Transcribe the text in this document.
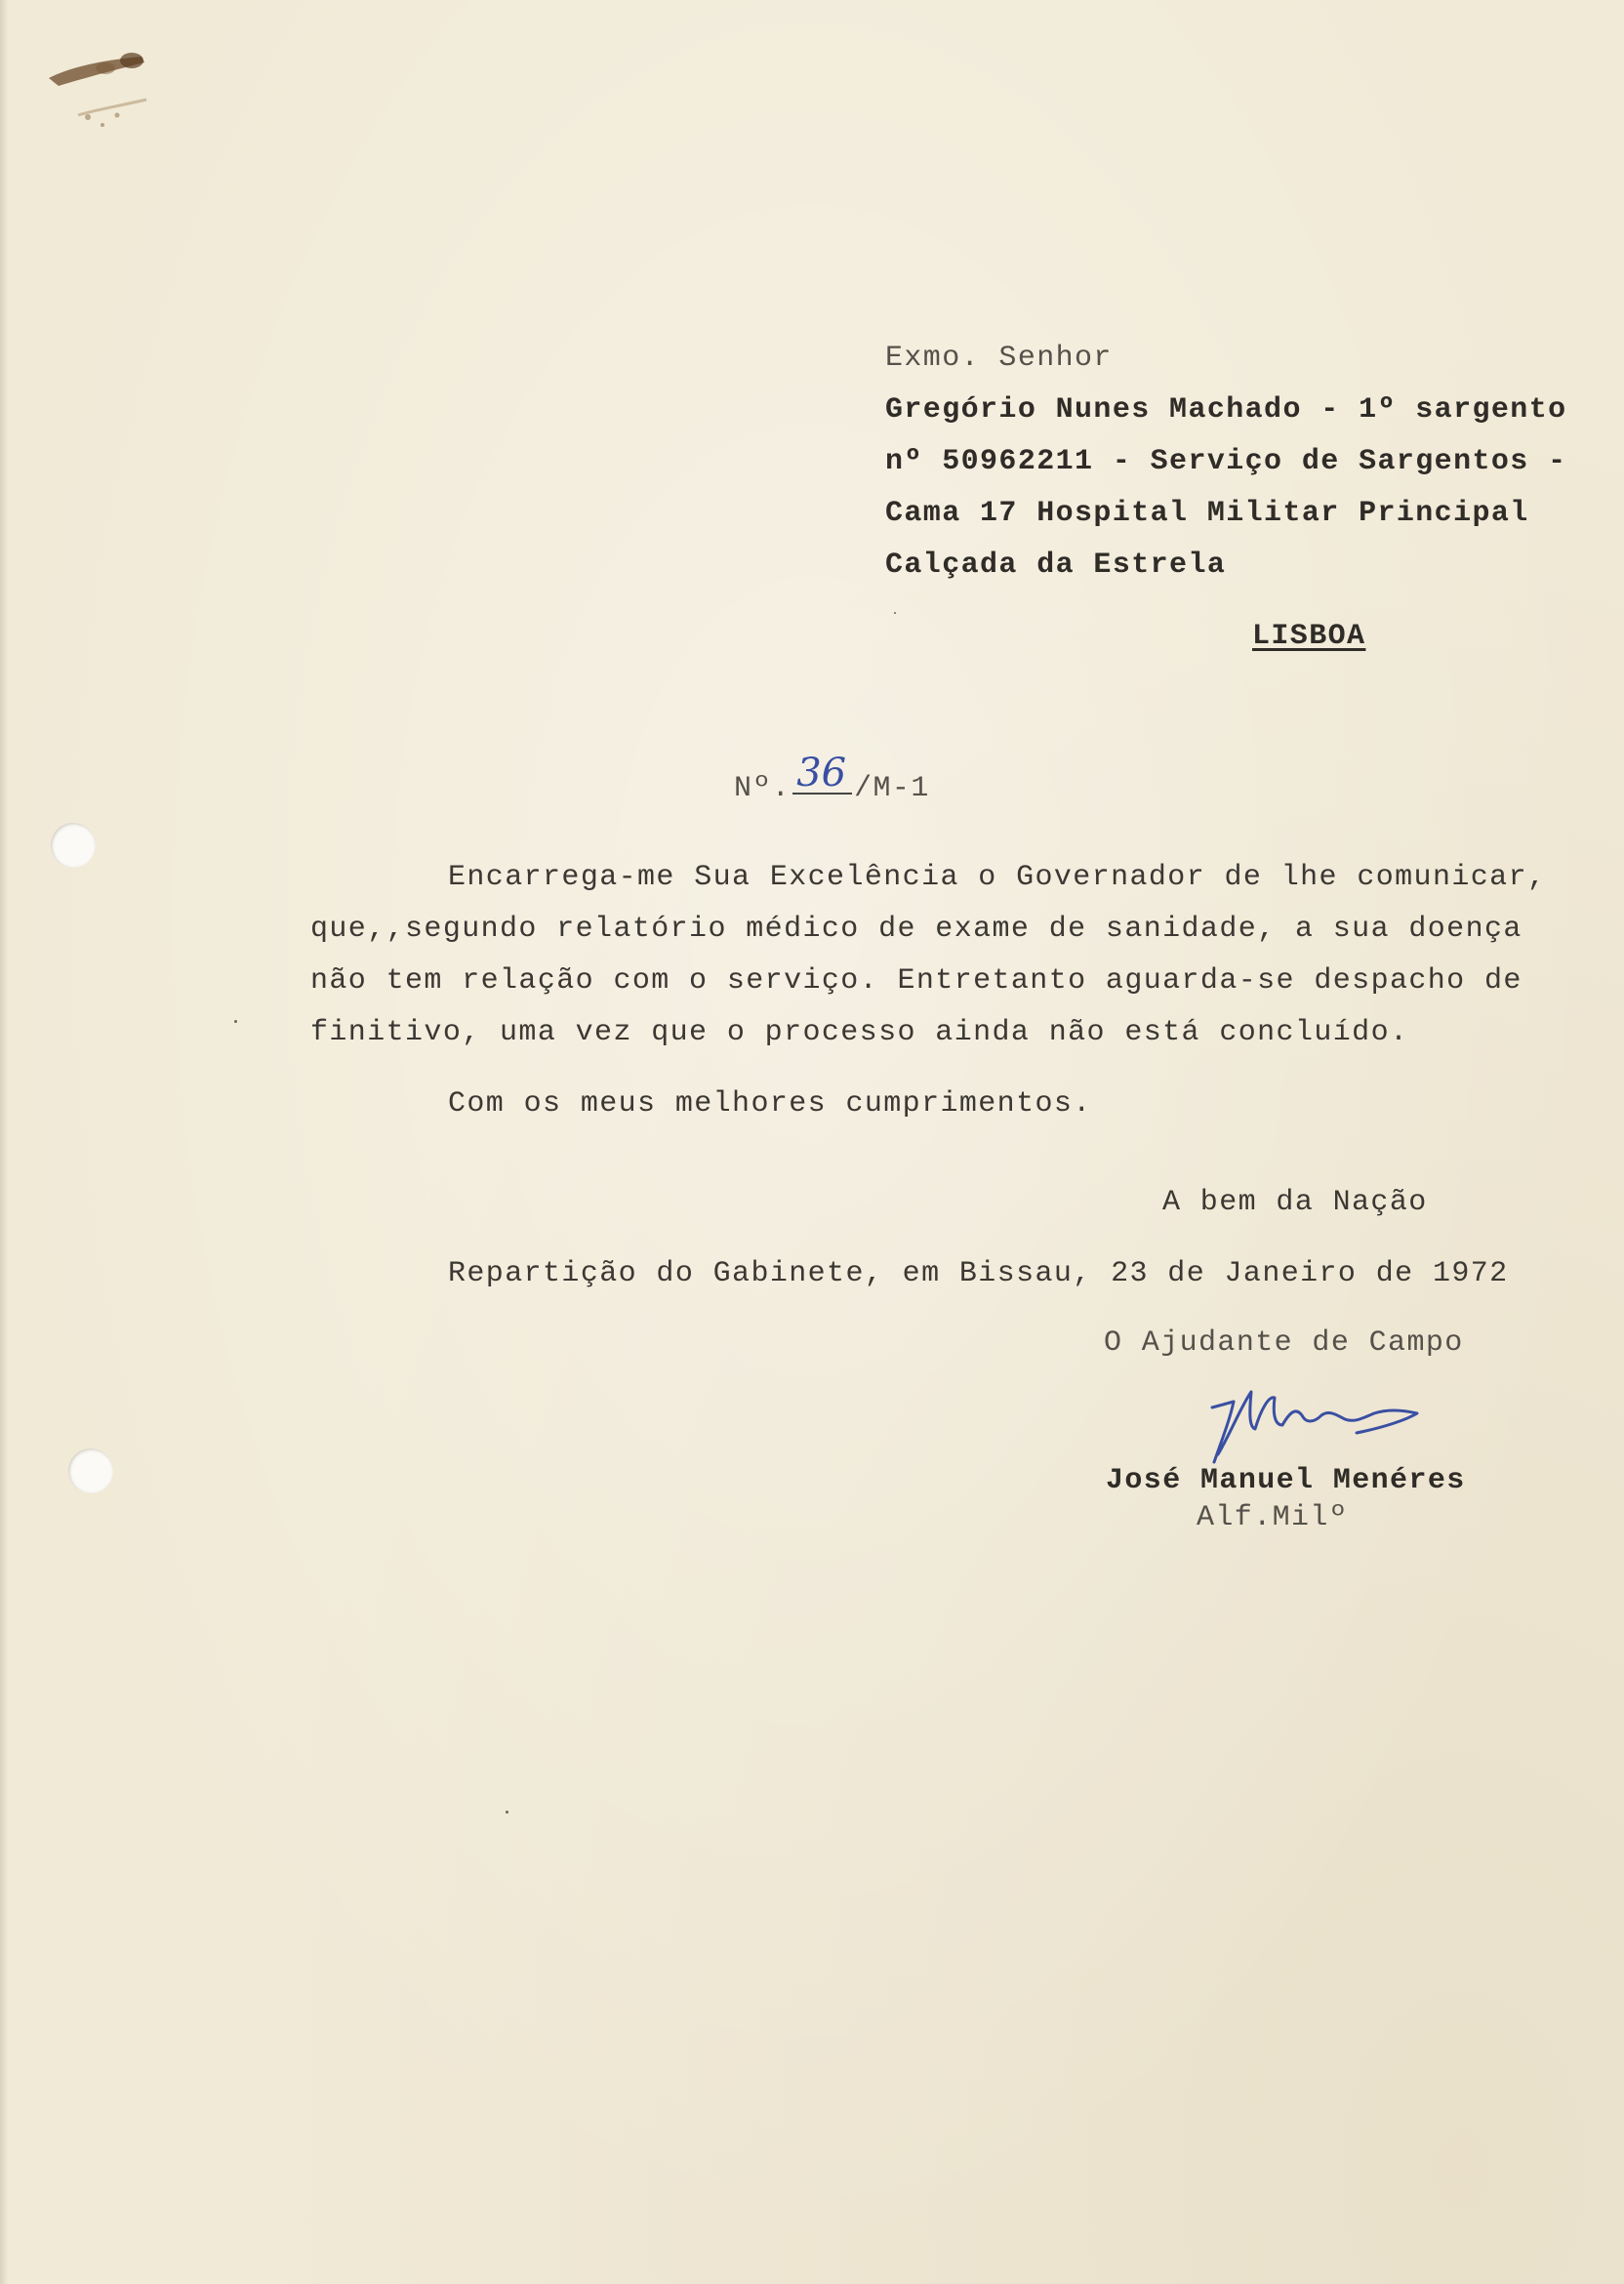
Exmo. Senhor
Gregório Nunes Machado - 1º sargento
nº 50962211 - Serviço de Sargentos -
Cama 17 Hospital Militar Principal
Calçada da Estrela
LISBOA
Nº. 36 /M-1
Encarrega-me Sua Excelência o Governador de lhe comunicar,
que,,segundo relatório médico de exame de sanidade, a sua doença
não tem relação com o serviço. Entretanto aguarda-se despacho de
finitivo, uma vez que o processo ainda não está concluído.
Com os meus melhores cumprimentos.
A bem da Nação
Repartição do Gabinete, em Bissau, 23 de Janeiro de 1972
O Ajudante de Campo
José Manuel Menéres
Alf.Milº
